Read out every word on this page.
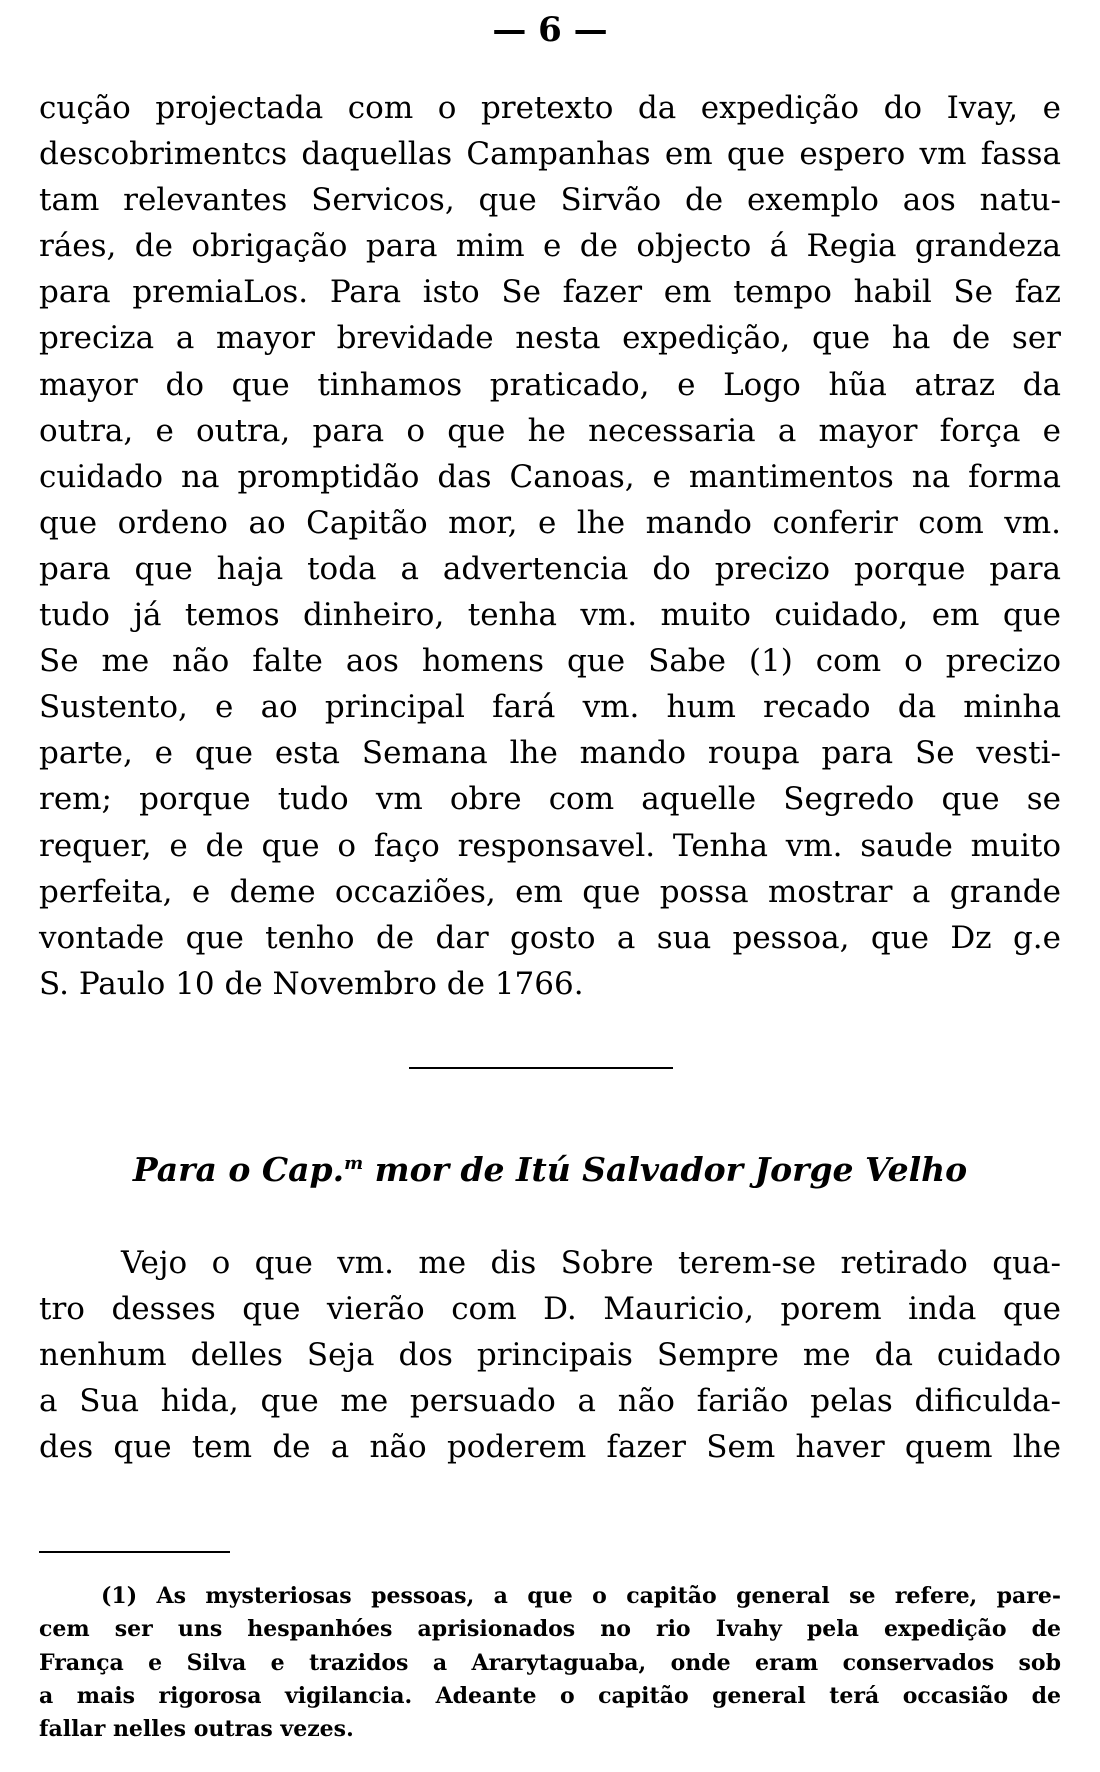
— 6 —
cução projectada com o pretexto da expedição do Ivay, e
descobrimentcs daquellas Campanhas em que espero vm fassa
tam relevantes Servicos, que Sirvão de exemplo aos natu-
ráes, de obrigação para mim e de objecto á Regia grandeza
para premiaLos. Para isto Se fazer em tempo habil Se faz
preciza a mayor brevidade nesta expedição, que ha de ser
mayor do que tinhamos praticado, e Logo hũa atraz da
outra, e outra, para o que he necessaria a mayor força e
cuidado na promptidão das Canoas, e mantimentos na forma
que ordeno ao Capitão mor, e lhe mando conferir com vm.
para que haja toda a advertencia do precizo porque para
tudo já temos dinheiro, tenha vm. muito cuidado, em que
Se me não falte aos homens que Sabe (1) com o precizo
Sustento, e ao principal fará vm. hum recado da minha
parte, e que esta Semana lhe mando roupa para Se vesti-
rem; porque tudo vm obre com aquelle Segredo que se
requer, e de que o faço responsavel. Tenha vm. saude muito
perfeita, e deme occaziões, em que possa mostrar a grande
vontade que tenho de dar gosto a sua pessoa, que Dz g.e
S. Paulo 10 de Novembro de 1766.
Para o Cap.$^m$ mor de Itú Salvador Jorge Velho
Vejo o que vm. me dis Sobre terem-se retirado qua-
tro desses que vierão com D. Mauricio, porem inda que
nenhum delles Seja dos principais Sempre me da cuidado
a Sua hida, que me persuado a não farião pelas dificulda-
des que tem de a não poderem fazer Sem haver quem lhe
(1) As mysteriosas pessoas, a que o capitão general se refere, pare-
cem ser uns hespanhóes aprisionados no rio Ivahy pela expedição de
França e Silva e trazidos a Ararytaguaba, onde eram conservados sob
a mais rigorosa vigilancia. Adeante o capitão general terá occasião de
fallar nelles outras vezes.
